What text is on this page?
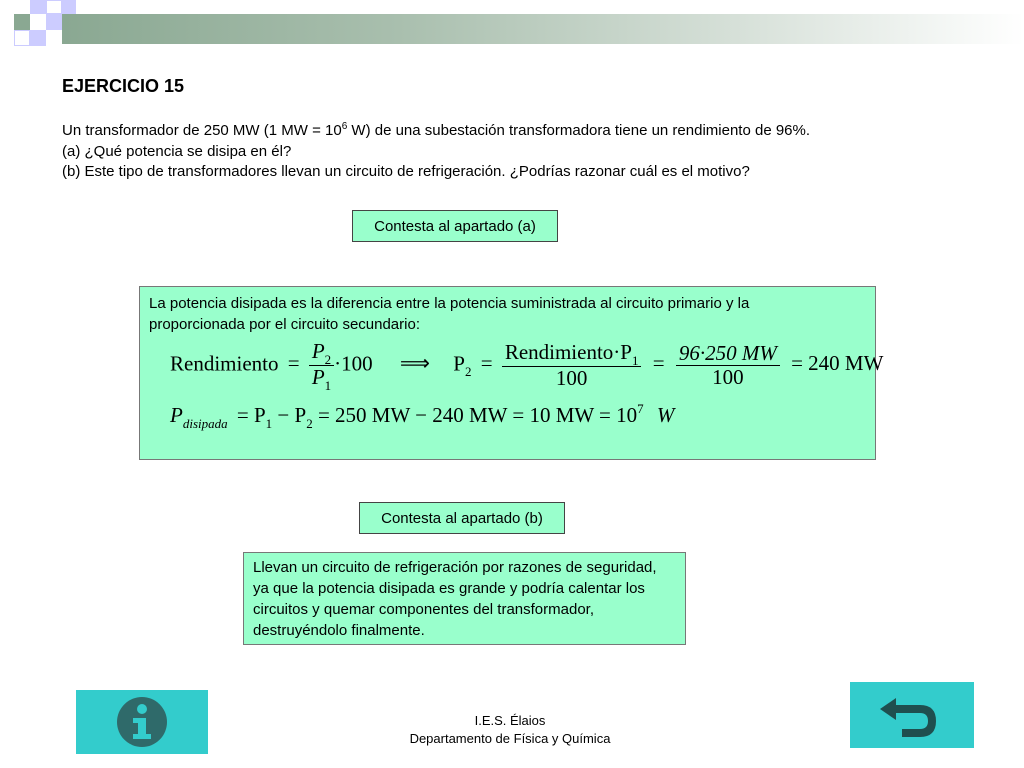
EJERCICIO 15
Un transformador de 250 MW (1 MW = $10^6$ W) de una subestación transformadora tiene un rendimiento de 96%.
(a) ¿Qué potencia se disipa en él?
(b) Este tipo de transformadores llevan un circuito de refrigeración. ¿Podrías razonar cuál es el motivo?
Contesta al apartado (a)
La potencia disipada es la diferencia entre la potencia suministrada al circuito primario y la proporcionada por el circuito secundario:
Rendimiento = $\frac{P_2}{P_1} \cdot 100$ ⟹ $P_2 = \frac{Rendimiento\cdot P_1}{100} = \frac{96\cdot 250 MW}{100} = 240$ MW
$P_{disipada} = P_1 - P_2 = 250$ MW − 240 MW = 10 MW = $10^7$ W
Contesta al apartado (b)
Llevan un circuito de refrigeración por razones de seguridad, ya que la potencia disipada es grande y podría calentar los circuitos y quemar componentes del transformador, destruyéndolo finalmente.
I.E.S. Élaios
Departamento de Física y Química
